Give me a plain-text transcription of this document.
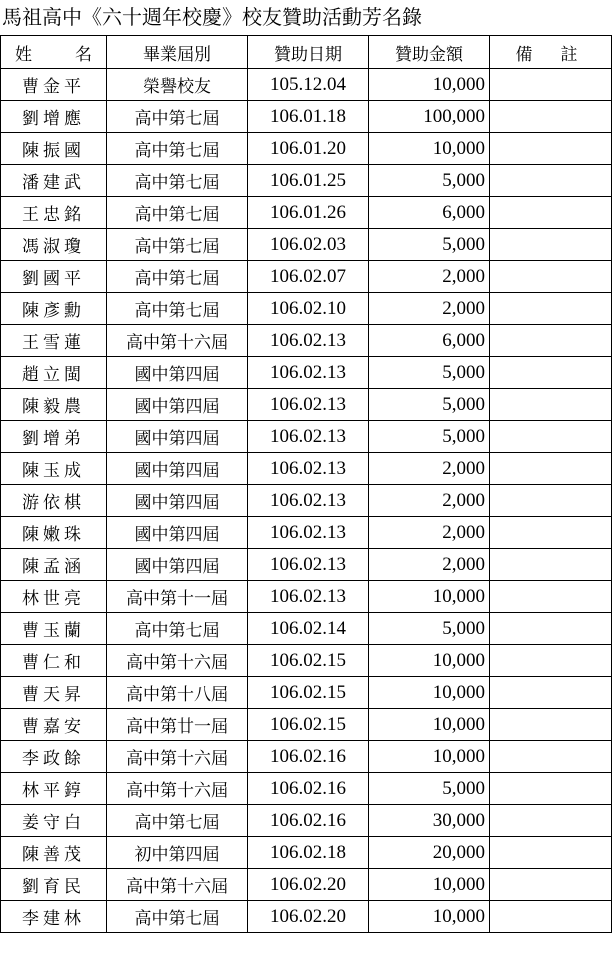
馬祖高中《六十週年校慶》校友贊助活動芳名錄
姓　　名	畢業屆別	贊助日期	贊助金額	備註
曹金平	榮譽校友	105.12.04	10,000	
劉增應	高中第七屆	106.01.18	100,000	
陳振國	高中第七屆	106.01.20	10,000	
潘建武	高中第七屆	106.01.25	5,000	
王忠銘	高中第七屆	106.01.26	6,000	
馮淑瓊	高中第七屆	106.02.03	5,000	
劉國平	高中第七屆	106.02.07	2,000	
陳彥勳	高中第七屆	106.02.10	2,000	
王雪蓮	高中第十六屆	106.02.13	6,000	
趙立閩	國中第四屆	106.02.13	5,000	
陳毅農	國中第四屆	106.02.13	5,000	
劉增弟	國中第四屆	106.02.13	5,000	
陳玉成	國中第四屆	106.02.13	2,000	
游依棋	國中第四屆	106.02.13	2,000	
陳嫩珠	國中第四屆	106.02.13	2,000	
陳孟涵	國中第四屆	106.02.13	2,000	
林世亮	高中第十一屆	106.02.13	10,000	
曹玉蘭	高中第七屆	106.02.14	5,000	
曹仁和	高中第十六屆	106.02.15	10,000	
曹天昇	高中第十八屆	106.02.15	10,000	
曹嘉安	高中第廿一屆	106.02.15	10,000	
李政餘	高中第十六屆	106.02.16	10,000	
林平錞	高中第十六屆	106.02.16	5,000	
姜守白	高中第七屆	106.02.16	30,000	
陳善茂	初中第四屆	106.02.18	20,000	
劉育民	高中第十六屆	106.02.20	10,000	
李建林	高中第七屆	106.02.20	10,000	
